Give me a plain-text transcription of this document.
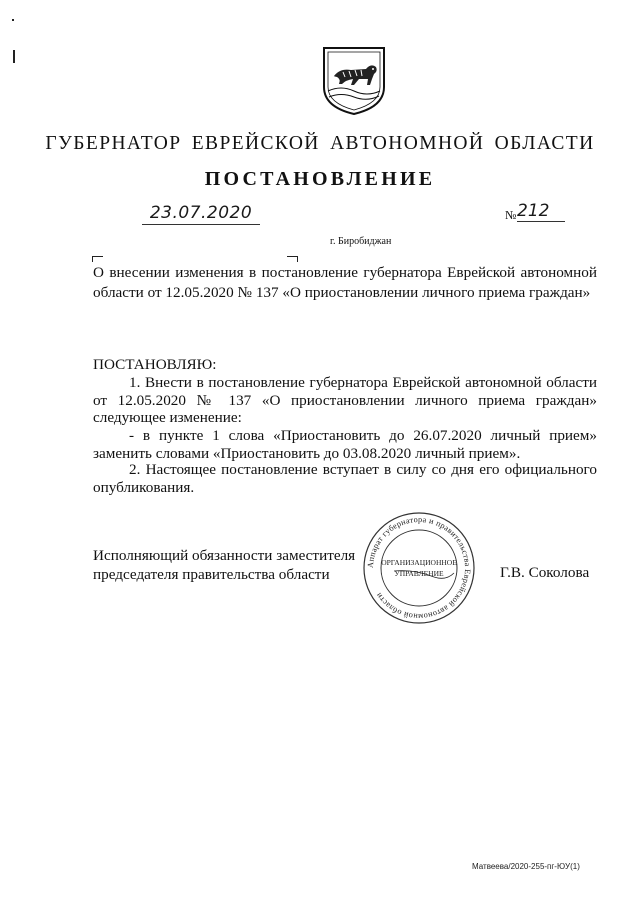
ГУБЕРНАТОР ЕВРЕЙСКОЙ АВТОНОМНОЙ ОБЛАСТИ
ПОСТАНОВЛЕНИЕ
23.07.2020	№ 212
г. Биробиджан
О внесении изменения в постановление губернатора Еврейской автономной области от 12.05.2020 № 137 «О приостановлении личного приема граждан»
ПОСТАНОВЛЯЮ:
1. Внести в постановление губернатора Еврейской автономной области от 12.05.2020 № 137 «О приостановлении личного приема граждан» следующее изменение:
- в пункте 1 слова «Приостановить до 26.07.2020 личный прием» заменить словами «Приостановить до 03.08.2020 личный прием».
2. Настоящее постановление вступает в силу со дня его официального опубликования.
Исполняющий обязанности заместителя председателя правительства области
Аппарат губернатора и правительства Еврейской автономной области
ОРГАНИЗАЦИОННОЕ
УПРАВЛЕНИЕ	Г.В. Соколова
Матвеева/2020-255-пг-ЮУ(1)
